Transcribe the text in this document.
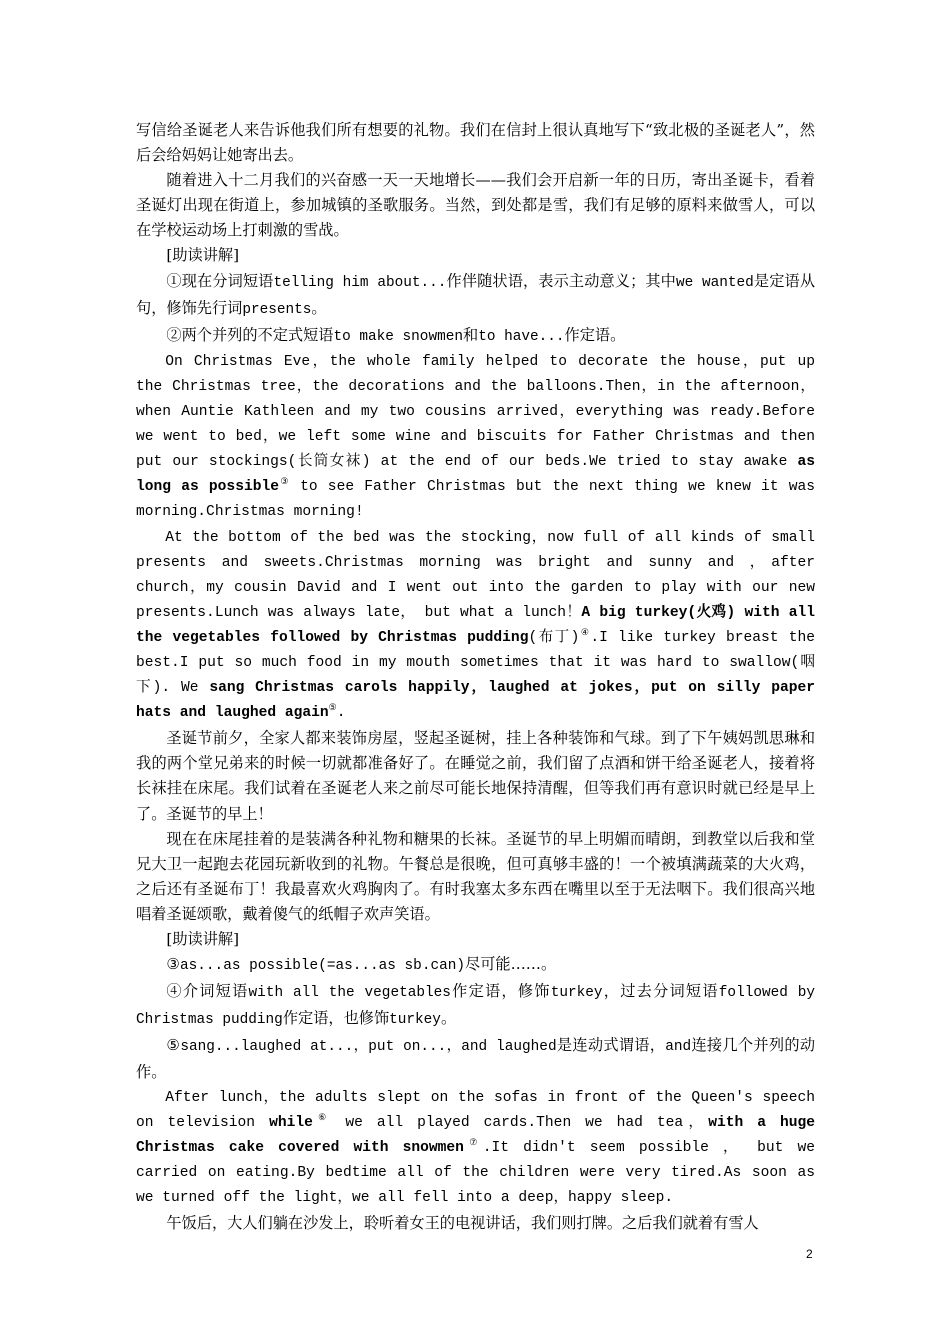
写信给圣诞老人来告诉他我们所有想要的礼物。我们在信封上很认真地写下“致北极的圣诞老人”，然后会给妈妈让她寄出去。

随着进入十二月我们的兴奋感一天一天地增长——我们会开启新一年的日历，寄出圣诞卡，看着圣诞灯出现在街道上，参加城镇的圣歌服务。当然，到处都是雪，我们有足够的原料来做雪人，可以在学校运动场上打刺激的雪战。

[助读讲解]

①现在分词短语telling him about...作伴随状语，表示主动意义；其中we wanted是定语从句，修饰先行词presents。

②两个并列的不定式短语to make snowmen和to have...作定语。

On Christmas Eve，the whole family helped to decorate the house，put up the Christmas tree，the decorations and the balloons.Then，in the afternoon，when Auntie Kathleen and my two cousins arrived，everything was ready.Before we went to bed，we left some wine and biscuits for Father Christmas and then put our stockings(长筒女袜) at the end of our beds.We tried to stay awake as long as possible③ to see Father Christmas but the next thing we knew it was morning.Christmas morning!

At the bottom of the bed was the stocking，now full of all kinds of small presents and sweets.Christmas morning was bright and sunny and ，after church，my cousin David and I went out into the garden to play with our new presents.Lunch was always late， but what a lunch！A big turkey(火鸡) with all the vegetables followed by Christmas pudding(布丁)④.I like turkey breast the best.I put so much food in my mouth sometimes that it was hard to swallow(咽下). We sang Christmas carols happily，laughed at jokes，put on silly paper hats and laughed again⑤.

圣诞节前夕，全家人都来装饰房屋，竖起圣诞树，挂上各种装饰和气球。到了下午姨妈凯思琳和我的两个堂兄弟来的时候一切就都准备好了。在睡觉之前，我们留了点酒和饼干给圣诞老人，接着将长袜挂在床尾。我们试着在圣诞老人来之前尽可能长地保持清醒，但等我们再有意识时就已经是早上了。圣诞节的早上！

现在在床尾挂着的是装满各种礼物和糖果的长袜。圣诞节的早上明媚而晴朗，到教堂以后我和堂兄大卫一起跑去花园玩新收到的礼物。午餐总是很晚，但可真够丰盛的！一个被填满蔬菜的大火鸡，之后还有圣诞布丁！我最喜欢火鸡胸肉了。有时我塞太多东西在嘴里以至于无法咽下。我们很高兴地唱着圣诞颂歌，戴着傻气的纸帽子欢声笑语。

[助读讲解]

③as...as possible(=as...as sb.can)尽可能……。

④介词短语with all the vegetables作定语，修饰turkey，过去分词短语followed by Christmas pudding作定语，也修饰turkey。

⑤sang...laughed at...，put on...，and laughed是连动式谓语，and连接几个并列的动作。

After lunch，the adults slept on the sofas in front of the Queen′s speech on television while⑥ we all played cards.Then we had tea，with a huge Christmas cake covered with snowmen⑦.It didn′t seem possible ， but we carried on eating.By bedtime all of the children were very tired.As soon as we turned off the light，we all fell into a deep，happy sleep.

午饭后，大人们躺在沙发上，聆听着女王的电视讲话，我们则打牌。之后我们就着有雪人

2
